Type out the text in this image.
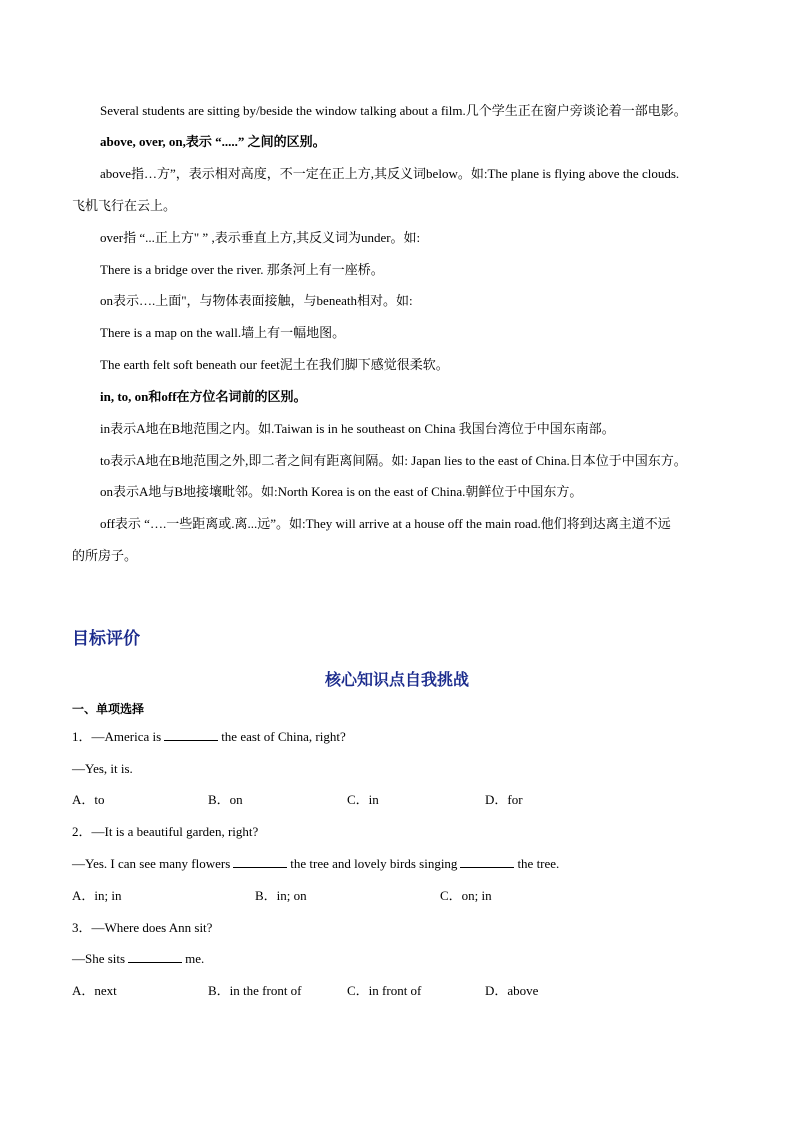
Several students are sitting by/beside the window talking about a film.几个学生正在窗户旁谈论着一部电影。
above, over, on,表示 “.....” 之间的区别。
above指…方”，表示相对高度，不一定在正上方,其反义词below。如:The plane is flying above the clouds.
飞机飞行在云上。
over指 “...正上方" ” ,表示垂直上方,其反义词为under。如:
There is a bridge over the river. 那条河上有一座桥。
on表示….上面"，与物体表面接触，与beneath相对。如:
There is a map on the wall.墙上有一幅地图。
The earth felt soft beneath our feet泥土在我们脚下感觉很柔软。
in, to, on和off在方位名词前的区别。
in表示A地在B地范围之内。如.Taiwan is in he southeast on China 我国台湾位于中国东南部。
to表示A地在B地范围之外,即二者之间有距离间隔。如: Japan lies to the east of China.日本位于中国东方。
on表示A地与B地接壤毗邻。如:North Korea is on the east of China.朝鲜位于中国东方。
off表示 “….一些距离或.离...远”。如:They will arrive at a house off the main road.他们将到达离主道不远
的所房子。
目标评价
核心知识点自我挑战
一、单项选择
1．—America is	the east of China, right?
—Yes, it is.
A．to	B．on	C．in	D．for
2．—It is a beautiful garden, right?
—Yes. I can see many flowers	the tree and lovely birds singing	the tree.
A．in; in	B．in; on	C．on; in
3．—Where does Ann sit?
—She sits	me.
A．next	B．in the front of	C．in front of	D．above
